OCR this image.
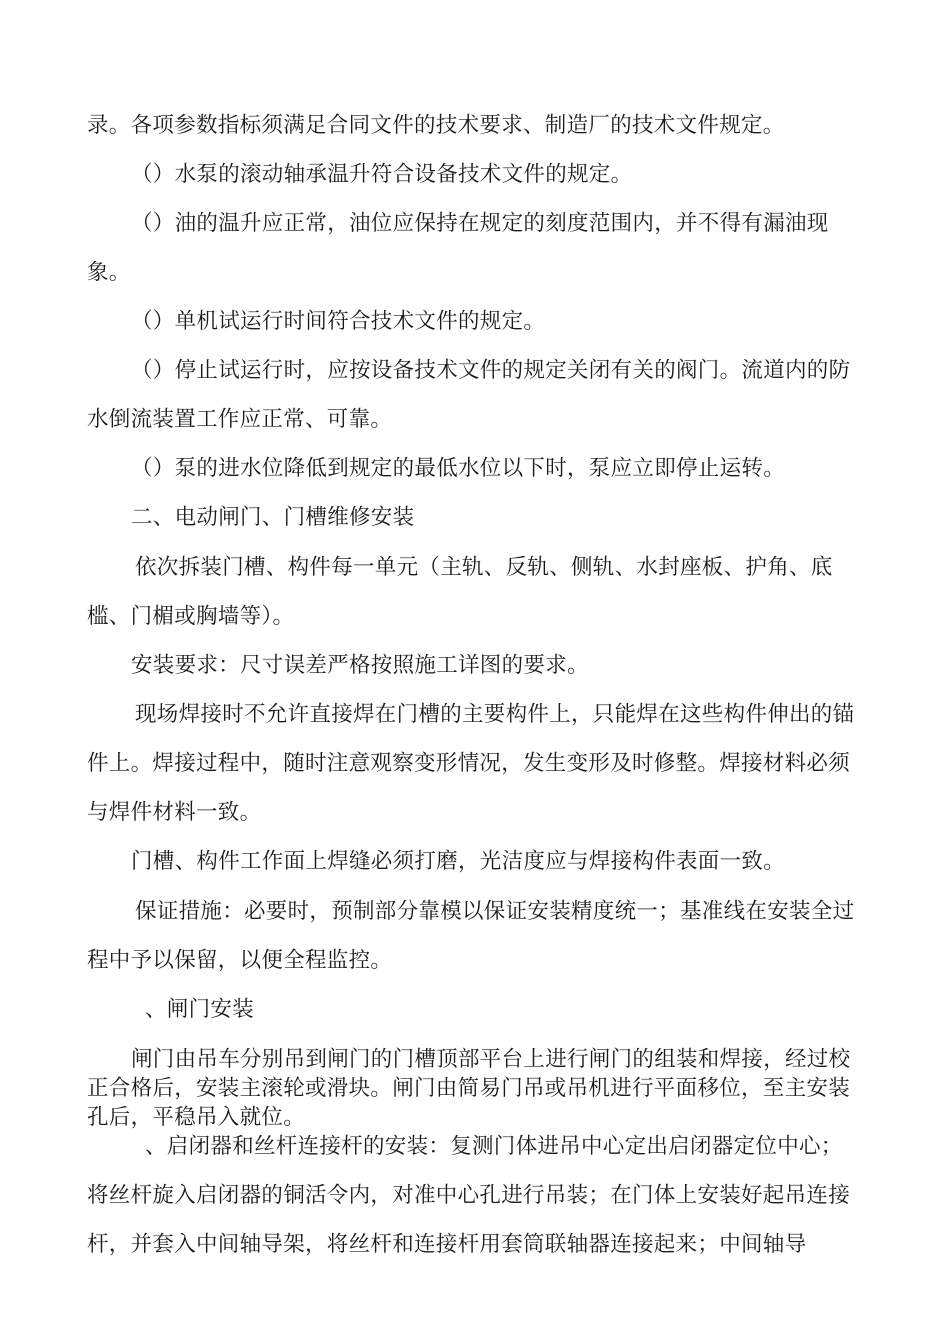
录。各项参数指标须满足合同文件的技术要求、制造厂的技术文件规定。

（）水泵的滚动轴承温升符合设备技术文件的规定。

（）油的温升应正常，油位应保持在规定的刻度范围内，并不得有漏油现象。

（）单机试运行时间符合技术文件的规定。

（）停止试运行时，应按设备技术文件的规定关闭有关的阀门。流道内的防水倒流装置工作应正常、可靠。

（）泵的进水位降低到规定的最低水位以下时，泵应立即停止运转。

二、电动闸门、门槽维修安装

依次拆装门槽、构件每一单元（主轨、反轨、侧轨、水封座板、护角、底槛、门楣或胸墙等）。

安装要求：尺寸误差严格按照施工详图的要求。

现场焊接时不允许直接焊在门槽的主要构件上，只能焊在这些构件伸出的锚件上。焊接过程中，随时注意观察变形情况，发生变形及时修整。焊接材料必须与焊件材料一致。

门槽、构件工作面上焊缝必须打磨，光洁度应与焊接构件表面一致。

保证措施：必要时，预制部分靠模以保证安装精度统一；基准线在安装全过程中予以保留，以便全程监控。

、闸门安装

闸门由吊车分别吊到闸门的门槽顶部平台上进行闸门的组装和焊接，经过校正合格后，安装主滚轮或滑块。闸门由简易门吊或吊机进行平面移位，至主安装孔后，平稳吊入就位。

、启闭器和丝杆连接杆的安装：复测门体进吊中心定出启闭器定位中心；将丝杆旋入启闭器的铜活令内，对准中心孔进行吊装；在门体上安装好起吊连接杆，并套入中间轴导架，将丝杆和连接杆用套筒联轴器连接起来；中间轴导
